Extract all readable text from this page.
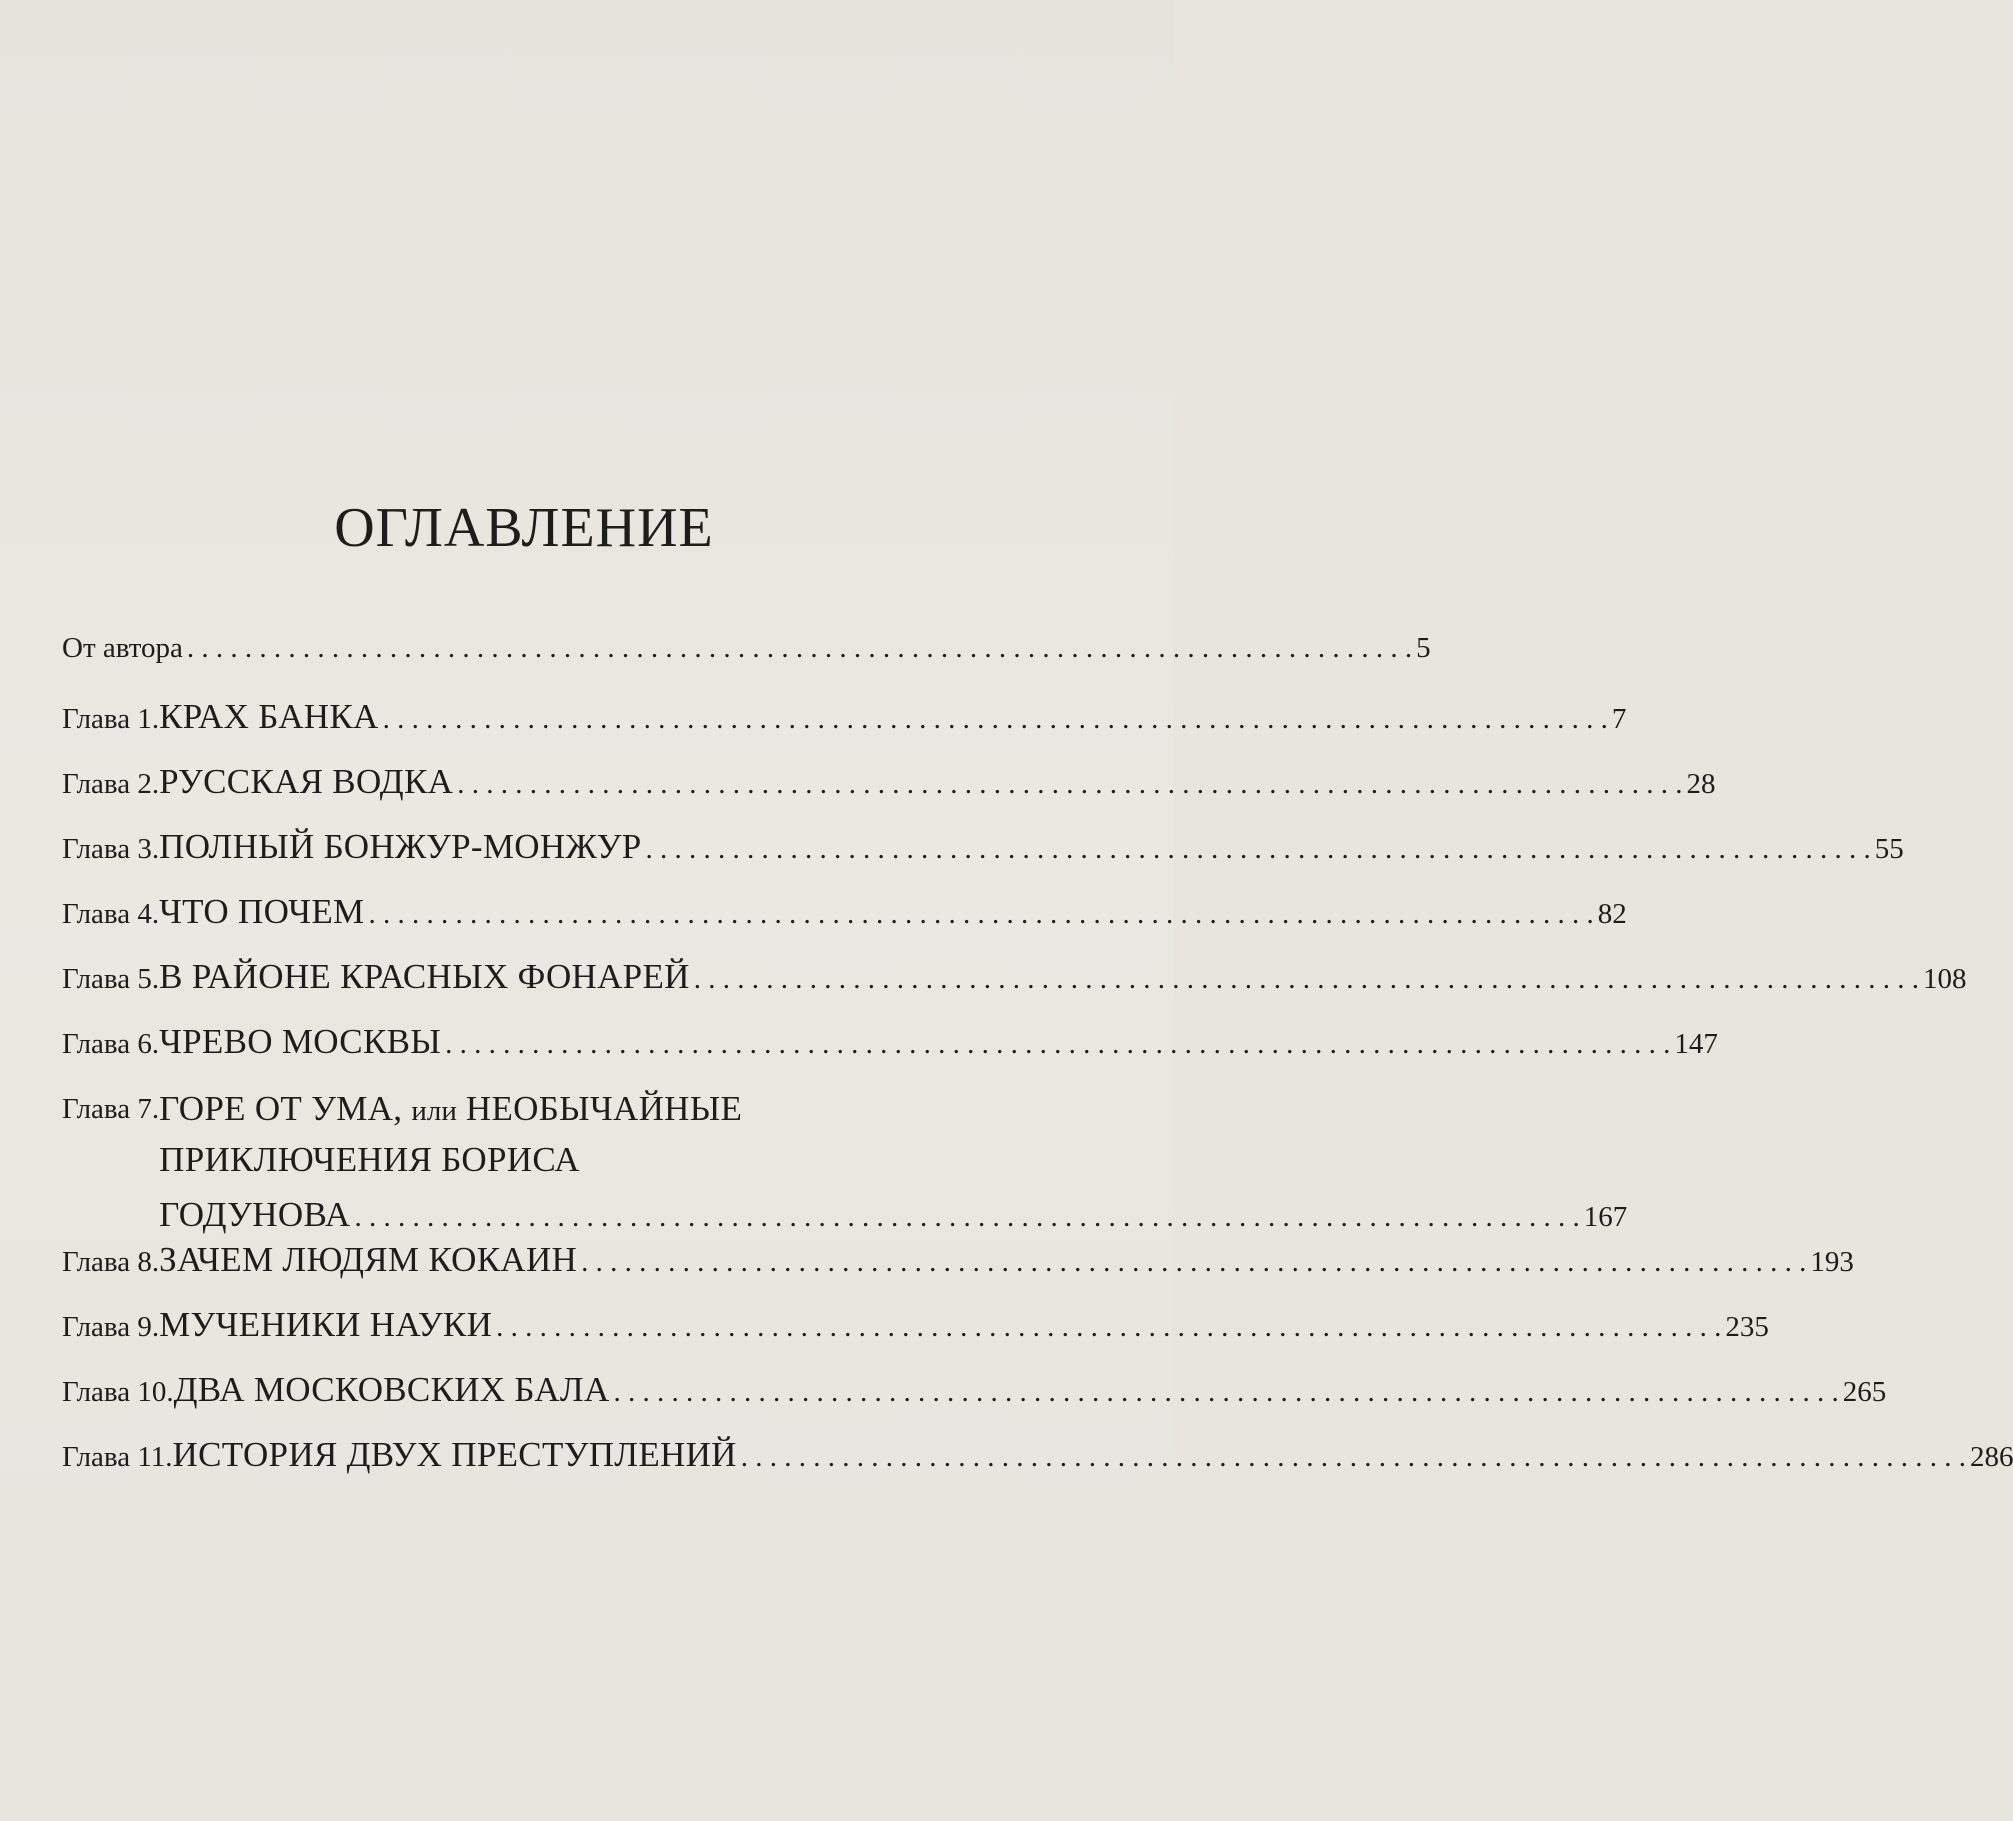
ОГЛАВЛЕНИЕ
От автора . . .	5
Глава 1. КРАХ БАНКА . . .	7
Глава 2. РУССКАЯ ВОДКА . . .	28
Глава 3. ПОЛНЫЙ БОНЖУР-МОНЖУР . . .	55
Глава 4. ЧТО ПОЧЕМ . . .	82
Глава 5. В РАЙОНЕ КРАСНЫХ ФОНАРЕЙ . . .	108
Глава 6. ЧРЕВО МОСКВЫ . . .	147
Глава 7. ГОРЕ ОТ УМА, или НЕОБЫЧАЙНЫЕ
ПРИКЛЮЧЕНИЯ БОРИСА
ГОДУНОВА . . .	167
Глава 8. ЗАЧЕМ ЛЮДЯМ КОКАИН . . .	193
Глава 9. МУЧЕНИКИ НАУКИ . . .	235
Глава 10. ДВА МОСКОВСКИХ БАЛА . . .	265
Глава 11. ИСТОРИЯ ДВУХ ПРЕСТУПЛЕНИЙ . . .	286
